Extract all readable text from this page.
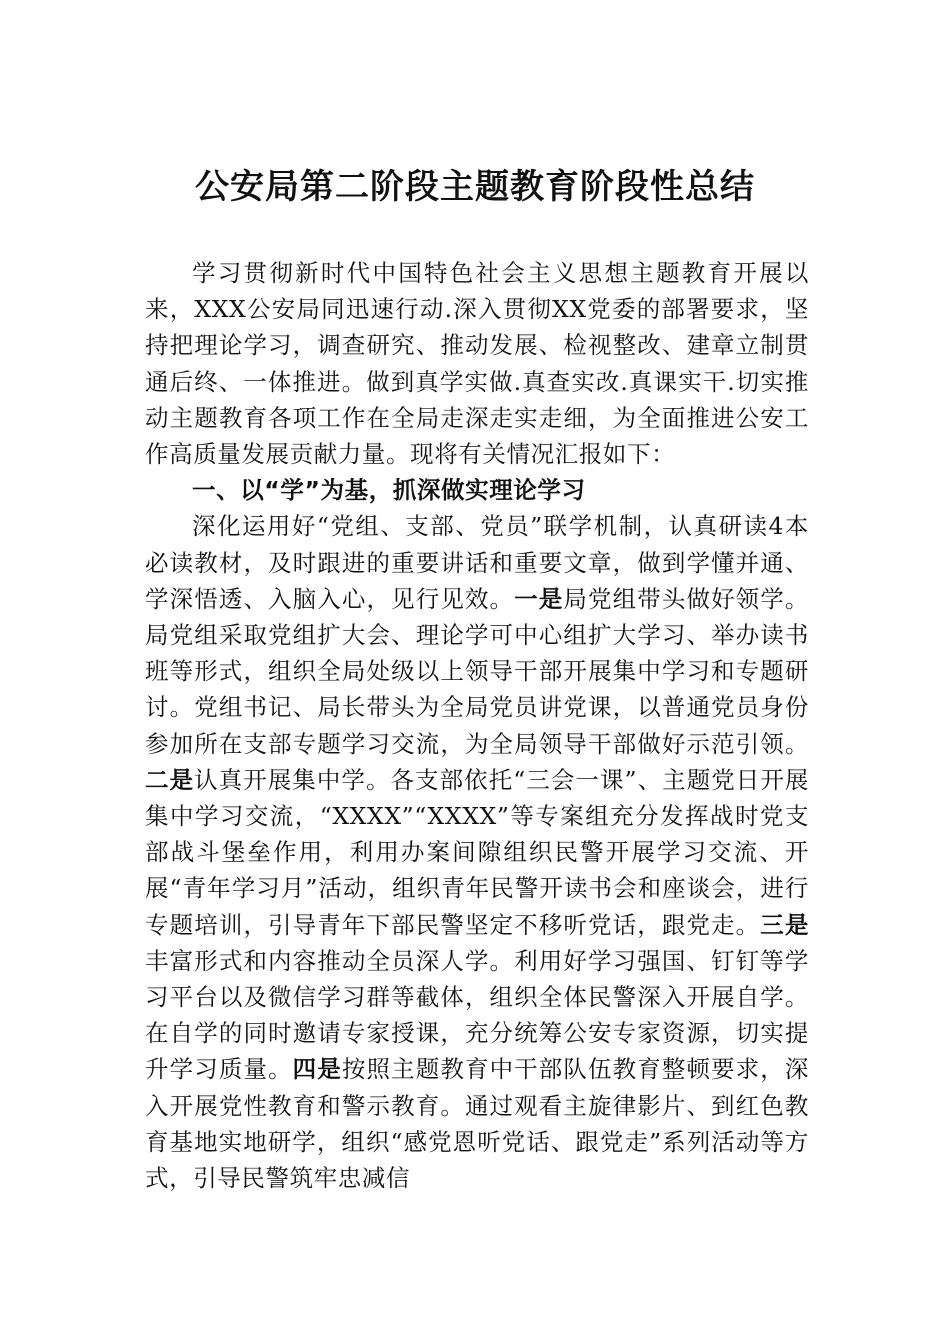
公安局第二阶段主题教育阶段性总结

学习贯彻新时代中国特色社会主义思想主题教育开展以来，XXX公安局同迅速行动.深入贯彻XX党委的部署要求，坚持把理论学习，调查研究、推动发展、检视整改、建章立制贯通后终、一体推进。做到真学实做.真查实改.真课实干.切实推动主题教育各项工作在全局走深走实走细，为全面推进公安工作高质量发展贡献力量。现将有关情况汇报如下：

一、以“学”为基，抓深做实理论学习

深化运用好“党组、支部、党员”联学机制，认真研读4本必读教材，及时跟进的重要讲话和重要文章，做到学懂并通、学深悟透、入脑入心，见行见效。一是局党组带头做好领学。局党组采取党组扩大会、理论学可中心组扩大学习、举办读书班等形式，组织全局处级以上领导干部开展集中学习和专题研讨。党组书记、局长带头为全局党员讲党课，以普通党员身份参加所在支部专题学习交流，为全局领导干部做好示范引领。二是认真开展集中学。各支部依托“三会一课”、主题党日开展集中学习交流，“XXXX”“XXXX”等专案组充分发挥战时党支部战斗堡垒作用，利用办案间隙组织民警开展学习交流、开展“青年学习月”活动，组织青年民警开读书会和座谈会，进行专题培训，引导青年下部民警坚定不移听党话，跟党走。三是丰富形式和内容推动全员深人学。利用好学习强国、钉钉等学习平台以及微信学习群等截体，组织全体民警深入开展自学。在自学的同时邀请专家授课，充分统筹公安专家资源，切实提升学习质量。四是按照主题教育中干部队伍教育整顿要求，深入开展党性教育和警示教育。通过观看主旋律影片、到红色教育基地实地研学，组织“感党恩听党话、跟党走”系列活动等方式，引导民警筑牢忠减信
